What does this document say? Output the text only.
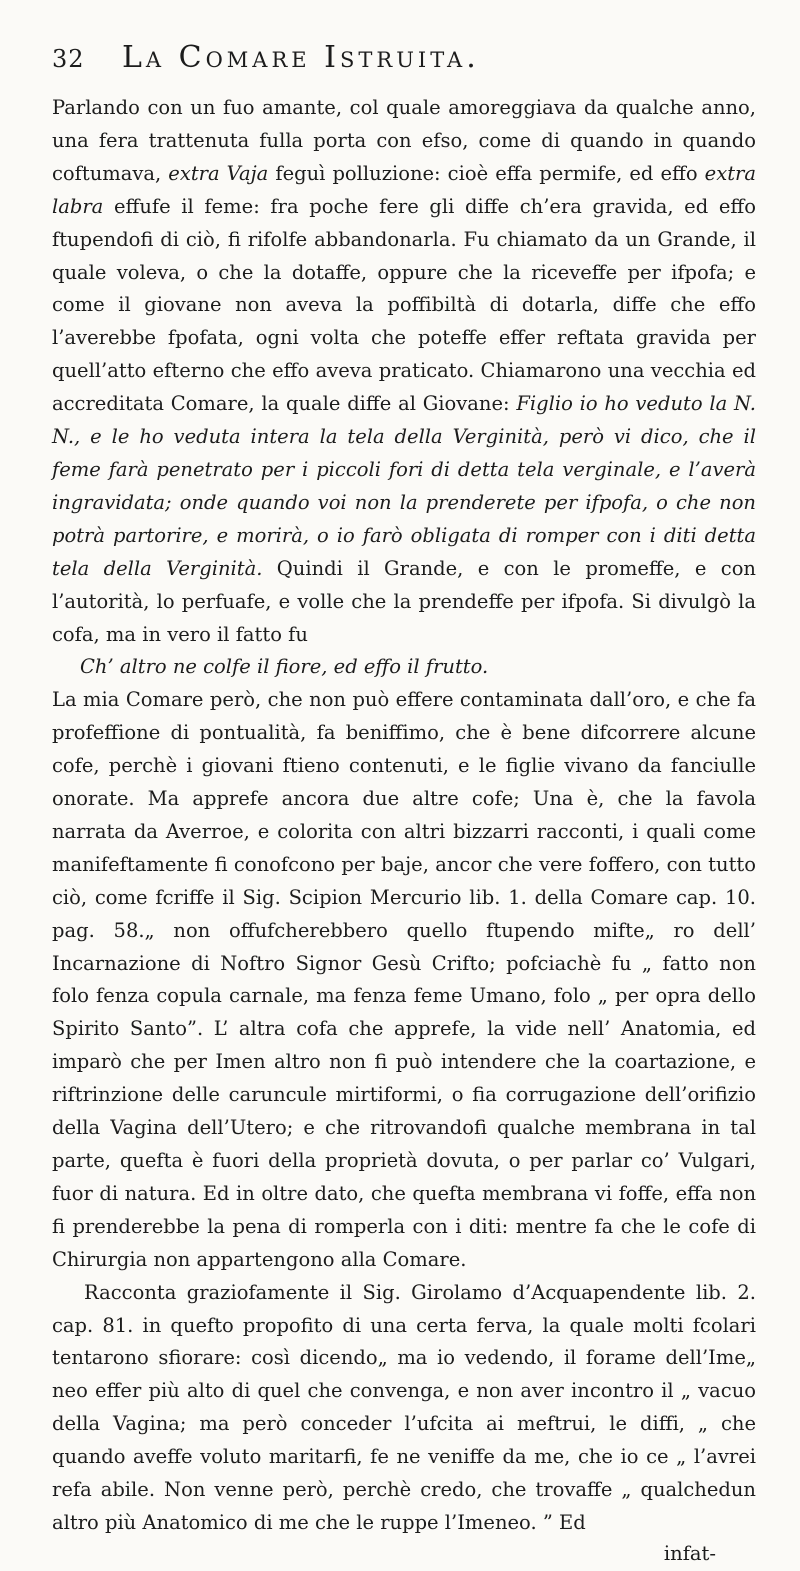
32	La Comare Istruita.

Parlando con un fuo amante, col quale amoreggiava da qualche anno, una fera trattenuta fulla porta con efso, come di quando in quando coftumava, extra Vaja feguì polluzione: cioè effa permife, ed effo extra labra effufe il feme: fra poche fere gli diffe ch’era gravida, ed effo ftupendofi di ciò, fi rifolfe abbandonarla. Fu chiamato da un Grande, il quale voleva, o che la dotaffe, oppure che la riceveffe per ifpofa; e come il giovane non aveva la poffibiltà di dotarla, diffe che effo l’averebbe fpofata, ogni volta che poteffe effer reftata gravida per quell’atto efterno che effo aveva praticato. Chiamarono una vecchia ed accreditata Comare, la quale diffe al Giovane: Figlio io ho veduto la N. N., e le ho veduta intera la tela della Verginità, però vi dico, che il feme farà penetrato per i piccoli fori di detta tela verginale, e l’averà ingravidata; onde quando voi non la prenderete per ifpofa, o che non potrà partorire, e morirà, o io farò obligata di romper con i diti detta tela della Verginità. Quindi il Grande, e con le promeffe, e con l’autorità, lo perfuafe, e volle che la prendeffe per ifpofa. Si divulgò la cofa, ma in vero il fatto fu

Ch’ altro ne colfe il fiore, ed effo il frutto.

La mia Comare però, che non può effere contaminata dall’oro, e che fa profeffione di pontualità, fa beniffimo, che è bene difcorrere alcune cofe, perchè i giovani ftieno contenuti, e le figlie vivano da fanciulle onorate. Ma apprefe ancora due altre cofe; Una è, che la favola narrata da Averroe, e colorita con altri bizzarri racconti, i quali come manifeftamente fi conofcono per baje, ancor che vere foffero, con tutto ciò, come fcriffe il Sig. Scipion Mercurio lib. 1. della Comare cap. 10. pag. 58.„ non offufcherebbero quello ftupendo mifte„ ro dell’ Incarnazione di Noftro Signor Gesù Crifto; pofciachè fu „ fatto non folo fenza copula carnale, ma fenza feme Umano, folo „ per opra dello Spirito Santo”. L’ altra cofa che apprefe, la vide nell’ Anatomia, ed imparò che per Imen altro non fi può intendere che la coartazione, e riftrinzione delle caruncule mirtiformi, o fia corrugazione dell’orifizio della Vagina dell’Utero; e che ritrovandofi qualche membrana in tal parte, quefta è fuori della proprietà dovuta, o per parlar co’ Vulgari, fuor di natura. Ed in oltre dato, che quefta membrana vi foffe, effa non fi prenderebbe la pena di romperla con i diti: mentre fa che le cofe di Chirurgia non appartengono alla Comare.

Racconta graziofamente il Sig. Girolamo d’Acquapendente lib. 2. cap. 81. in quefto propofito di una certa ferva, la quale molti fcolari tentarono sfiorare: così dicendo„ ma io vedendo, il forame dell’Ime„ neo effer più alto di quel che convenga, e non aver incontro il „ vacuo della Vagina; ma però conceder l’ufcita ai meftrui, le diffi, „ che quando aveffe voluto maritarfi, fe ne veniffe da me, che io ce „ l’avrei refa abile. Non venne però, perchè credo, che trovaffe „ qualchedun altro più Anatomico di me che le ruppe l’Imeneo. ” Ed

infat-
